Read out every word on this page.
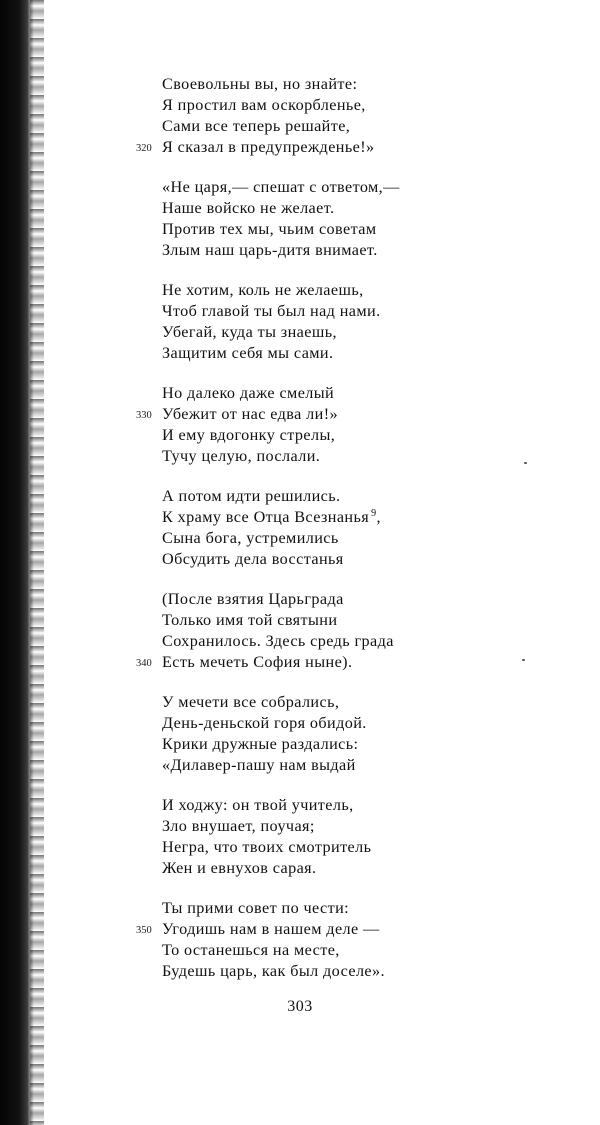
Своевольны вы, но знайте:
Я простил вам оскорбленье,
Сами все теперь решайте,
320 Я сказал в предупрежденье!»
«Не царя,— спешат с ответом,—
Наше войско не желает.
Против тех мы, чьим советам
Злым наш царь-дитя внимает.
Не хотим, коль не желаешь,
Чтоб главой ты был над нами.
Убегай, куда ты знаешь,
Защитим себя мы сами.
Но далеко даже смелый
330 Убежит от нас едва ли!»
И ему вдогонку стрелы,
Тучу целую, послали.
А потом идти решились.
К храму все Отца Всезнанья $^9$,
Сына бога, устремились
Обсудить дела восстанья
(После взятия Царьграда
Только имя той святыни
Сохранилось. Здесь средь града
340 Есть мечеть София ныне).
У мечети все собрались,
День-деньской горя обидой.
Крики дружные раздались:
«Дилавер-пашу нам выдай
И ходжу: он твой учитель,
Зло внушает, поучая;
Негра, что твоих смотритель
Жен и евнухов сарая.
Ты прими совет по чести:
350 Угодишь нам в нашем деле —
То останешься на месте,
Будешь царь, как был доселе».
303
